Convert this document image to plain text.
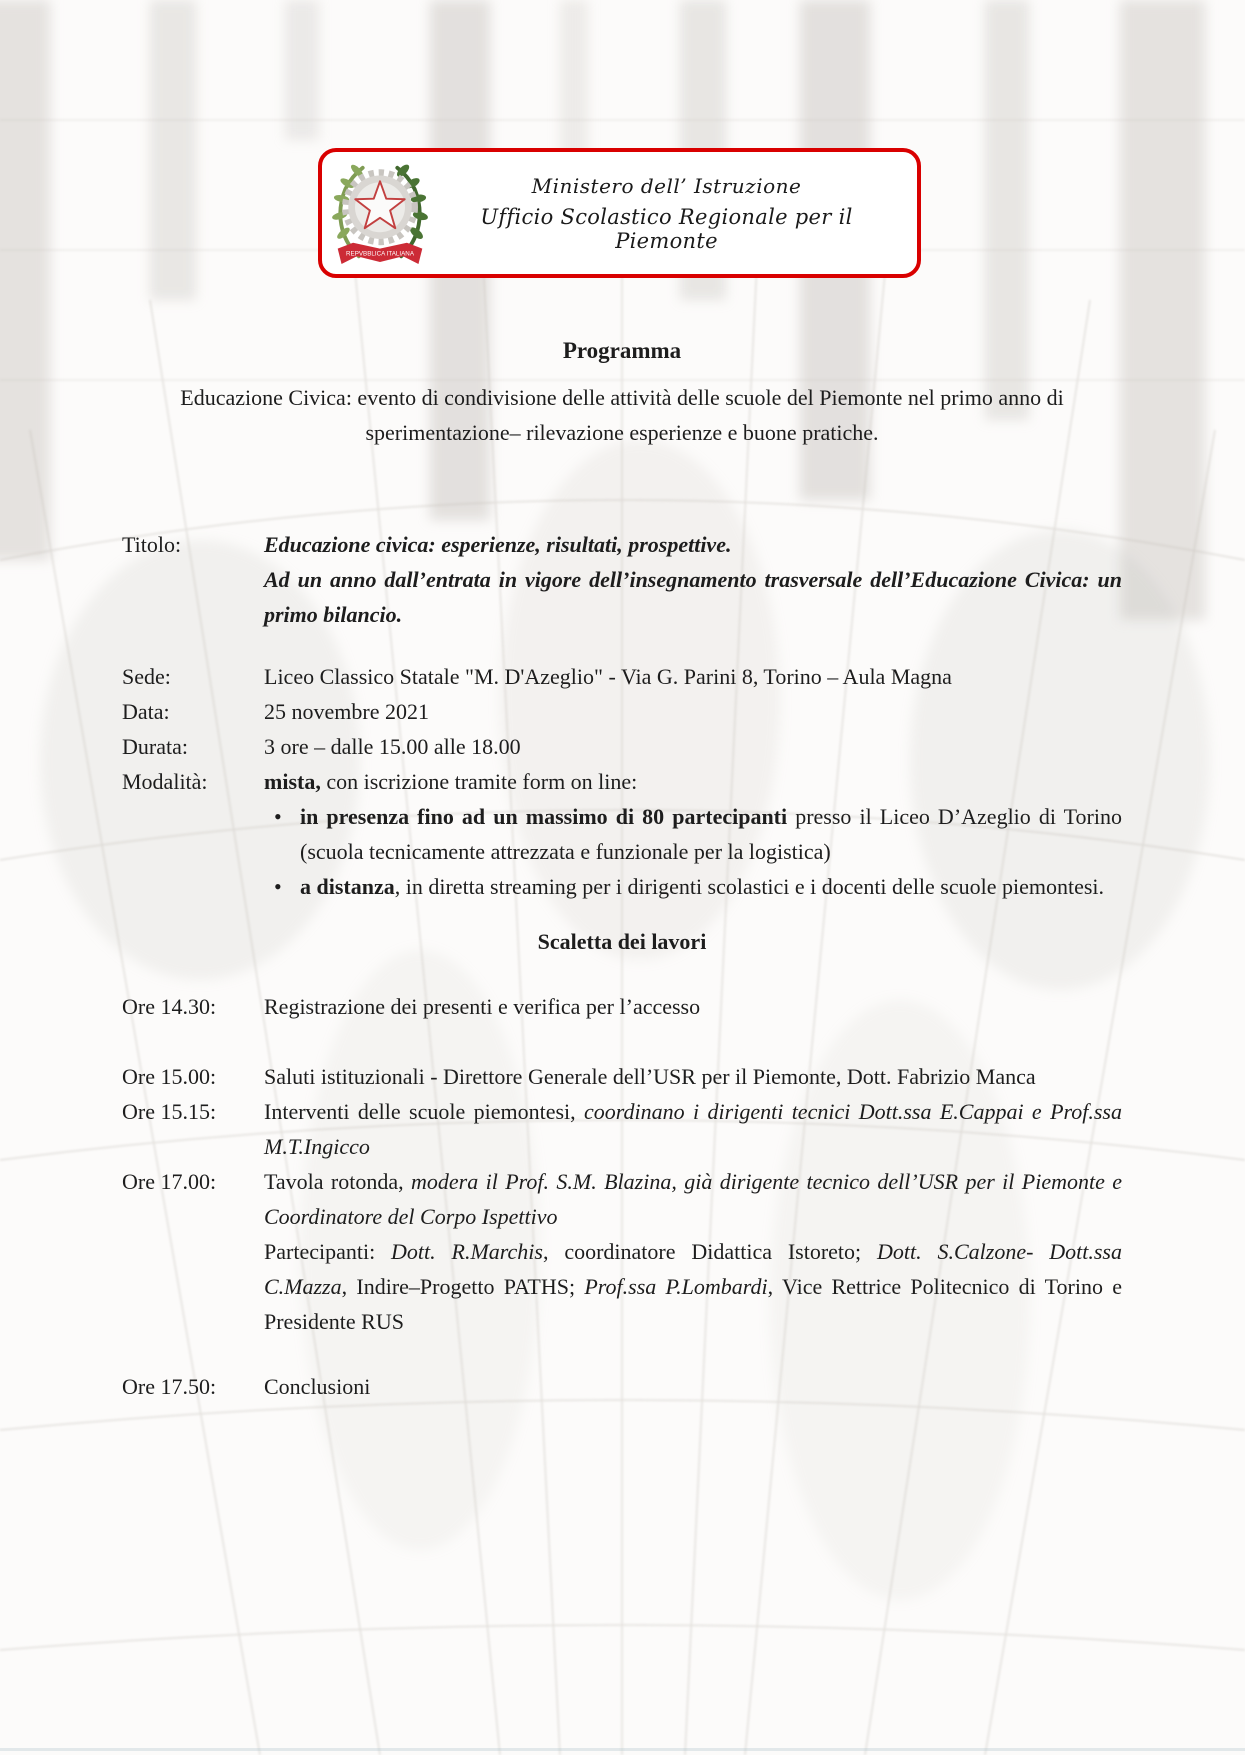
REPVBBLICA ITALIANA
Ministero dell’ Istruzione
Ufficio Scolastico Regionale per il Piemonte
Programma

Educazione Civica: evento di condivisione delle attività delle scuole del Piemonte nel primo anno di sperimentazione– rilevazione esperienze e buone pratiche.

Titolo:	Educazione civica: esperienze, risultati, prospettive.

Ad un anno dall’entrata in vigore dell’insegnamento trasversale dell’Educazione Civica: un primo bilancio.

Sede:	Liceo Classico Statale "M. D'Azeglio" - Via G. Parini 8, Torino – Aula Magna
Data:	25 novembre 2021
Durata:	3 ore – dalle 15.00 alle 18.00
Modalità:	mista, con iscrizione tramite form on line:
• in presenza fino ad un massimo di 80 partecipanti presso il Liceo D’Azeglio di Torino (scuola tecnicamente attrezzata e funzionale per la logistica)
• a distanza, in diretta streaming per i dirigenti scolastici e i docenti delle scuole piemontesi.
Scaletta dei lavori
Ore 14.30:	Registrazione dei presenti e verifica per l’accesso

Ore 15.00:	Saluti istituzionali - Direttore Generale dell’USR per il Piemonte, Dott. Fabrizio Manca

Ore 15.15:	Interventi delle scuole piemontesi, coordinano i dirigenti tecnici Dott.ssa E.Cappai e Prof.ssa M.T.Ingicco

Ore 17.00:	Tavola rotonda, modera il Prof. S.M. Blazina, già dirigente tecnico dell’USR per il Piemonte e Coordinatore del Corpo Ispettivo

Partecipanti: Dott. R.Marchis, coordinatore Didattica Istoreto; Dott. S.Calzone- Dott.ssa C.Mazza, Indire–Progetto PATHS; Prof.ssa P.Lombardi, Vice Rettrice Politecnico di Torino e Presidente RUS

Ore 17.50:	Conclusioni
